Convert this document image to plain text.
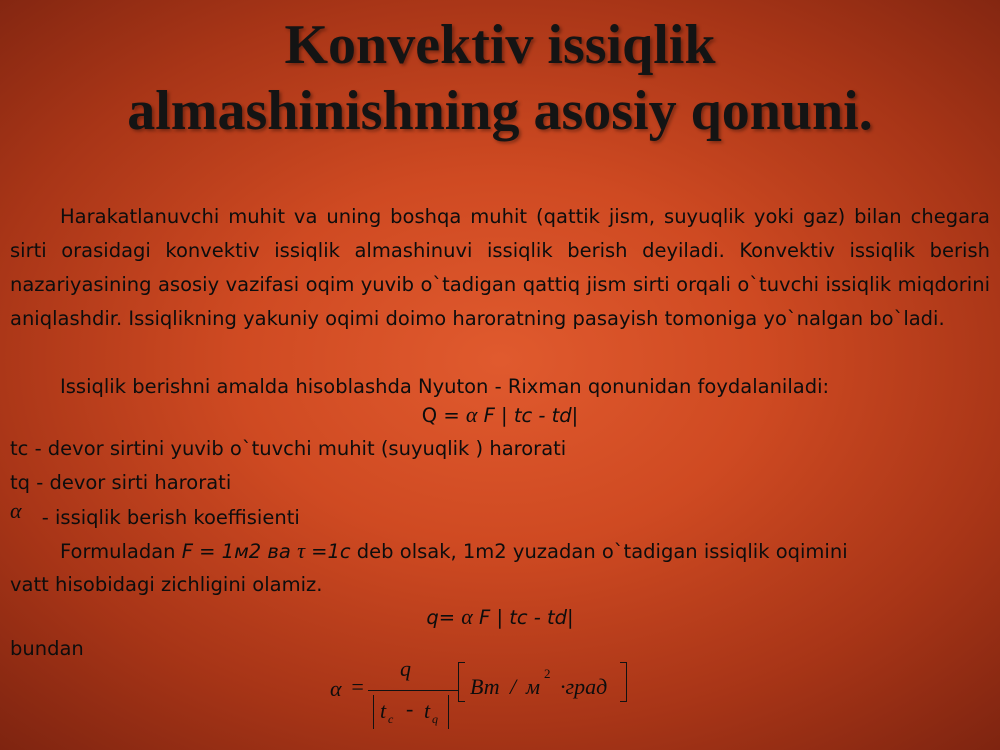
Konvektiv issiqlik
almashinishning asosiy qonuni.
Harakatlanuvchi muhit va uning boshqa muhit (qattik jism, suyuqlik yoki gaz) bilan chegara sirti orasidagi konvektiv issiqlik almashinuvi issiqlik berish deyiladi. Konvektiv issiqlik berish nazariyasining asosiy vazifasi oqim yuvib o`tadigan qattiq jism sirti orqali o`tuvchi issiqlik miqdorini aniqlashdir. Issiqlikning yakuniy oqimi doimo haroratning pasayish tomoniga yo`nalgan bo`ladi.
Issiqlik berishni amalda hisoblashda Nyuton - Rixman qonunidan foydalaniladi:
Q = α F | tc - td|
tc - devor sirtini yuvib o`tuvchi muhit (suyuqlik ) harorati
tq - devor sirti harorati
α - issiqlik berish koeffisienti
Formuladan F = 1м2 ва τ =1c deb olsak, 1m2 yuzadan o`tadigan issiqlik oqimini
vatt hisobidagi zichligini olamiz.
q= α F | tc - td|
bundan
α =
q
t c - t q
Вт / м
2
·град
